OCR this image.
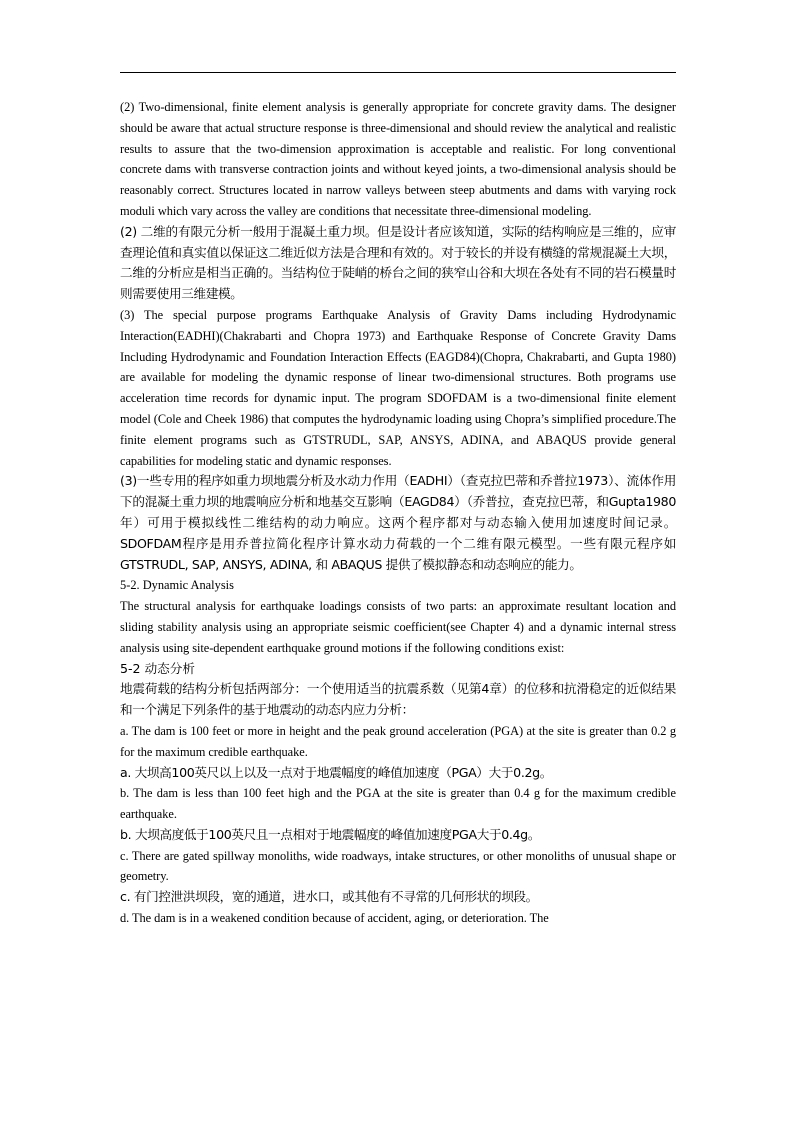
(2) Two-dimensional, finite element analysis is generally appropriate for concrete gravity dams. The designer should be aware that actual structure response is three-dimensional and should review the analytical and realistic results to assure that the two-dimension approximation is acceptable and realistic. For long conventional concrete dams with transverse contraction joints and without keyed joints, a two-dimensional analysis should be reasonably correct. Structures located in narrow valleys between steep abutments and dams with varying rock moduli which vary across the valley are conditions that necessitate three-dimensional modeling.

(2) 二维的有限元分析一般用于混凝土重力坝。但是设计者应该知道，实际的结构响应是三维的，应审查理论值和真实值以保证这二维近似方法是合理和有效的。对于较长的并设有横缝的常规混凝土大坝，二维的分析应是相当正确的。当结构位于陡峭的桥台之间的狭窄山谷和大坝在各处有不同的岩石模量时则需要使用三维建模。

(3) The special purpose programs Earthquake Analysis of Gravity Dams including Hydrodynamic Interaction(EADHI)(Chakrabarti and Chopra 1973) and Earthquake Response of Concrete Gravity Dams Including Hydrodynamic and Foundation Interaction Effects (EAGD84)(Chopra, Chakrabarti, and Gupta 1980) are available for modeling the dynamic response of linear two-dimensional structures. Both programs use acceleration time records for dynamic input. The program SDOFDAM is a two-dimensional finite element model (Cole and Cheek 1986) that computes the hydrodynamic loading using Chopra’s simplified procedure.The finite element programs such as GTSTRUDL, SAP, ANSYS, ADINA, and ABAQUS provide general capabilities for modeling static and dynamic responses.

(3)一些专用的程序如重力坝地震分析及水动力作用（EADHI）（查克拉巴蒂和乔普拉1973）、流体作用下的混凝土重力坝的地震响应分析和地基交互影响（EAGD84）（乔普拉，查克拉巴蒂，和Gupta1980年）可用于模拟线性二维结构的动力响应。这两个程序都对与动态输入使用加速度时间记录。SDOFDAM程序是用乔普拉简化程序计算水动力荷载的一个二维有限元模型。一些有限元程序如GTSTRUDL, SAP, ANSYS, ADINA, 和 ABAQUS 提供了模拟静态和动态响应的能力。

5-2. Dynamic Analysis

The structural analysis for earthquake loadings consists of two parts: an approximate resultant location and sliding stability analysis using an appropriate seismic coefficient(see Chapter 4) and a dynamic internal stress analysis using site-dependent earthquake ground motions if the following conditions exist:

5-2 动态分析

地震荷载的结构分析包括两部分：一个使用适当的抗震系数（见第4章）的位移和抗滑稳定的近似结果和一个满足下列条件的基于地震动的动态内应力分析：

a. The dam is 100 feet or more in height and the peak ground acceleration (PGA) at the site is greater than 0.2 g for the maximum credible earthquake.

a. 大坝高100英尺以上以及一点对于地震幅度的峰值加速度（PGA）大于0.2g。

b. The dam is less than 100 feet high and the PGA at the site is greater than 0.4 g for the maximum credible earthquake.

b. 大坝高度低于100英尺且一点相对于地震幅度的峰值加速度PGA大于0.4g。

c. There are gated spillway monoliths, wide roadways, intake structures, or other monoliths of unusual shape or geometry.

c. 有门控泄洪坝段，宽的通道，进水口，或其他有不寻常的几何形状的坝段。

d. The dam is in a weakened condition because of accident, aging, or deterioration. The
